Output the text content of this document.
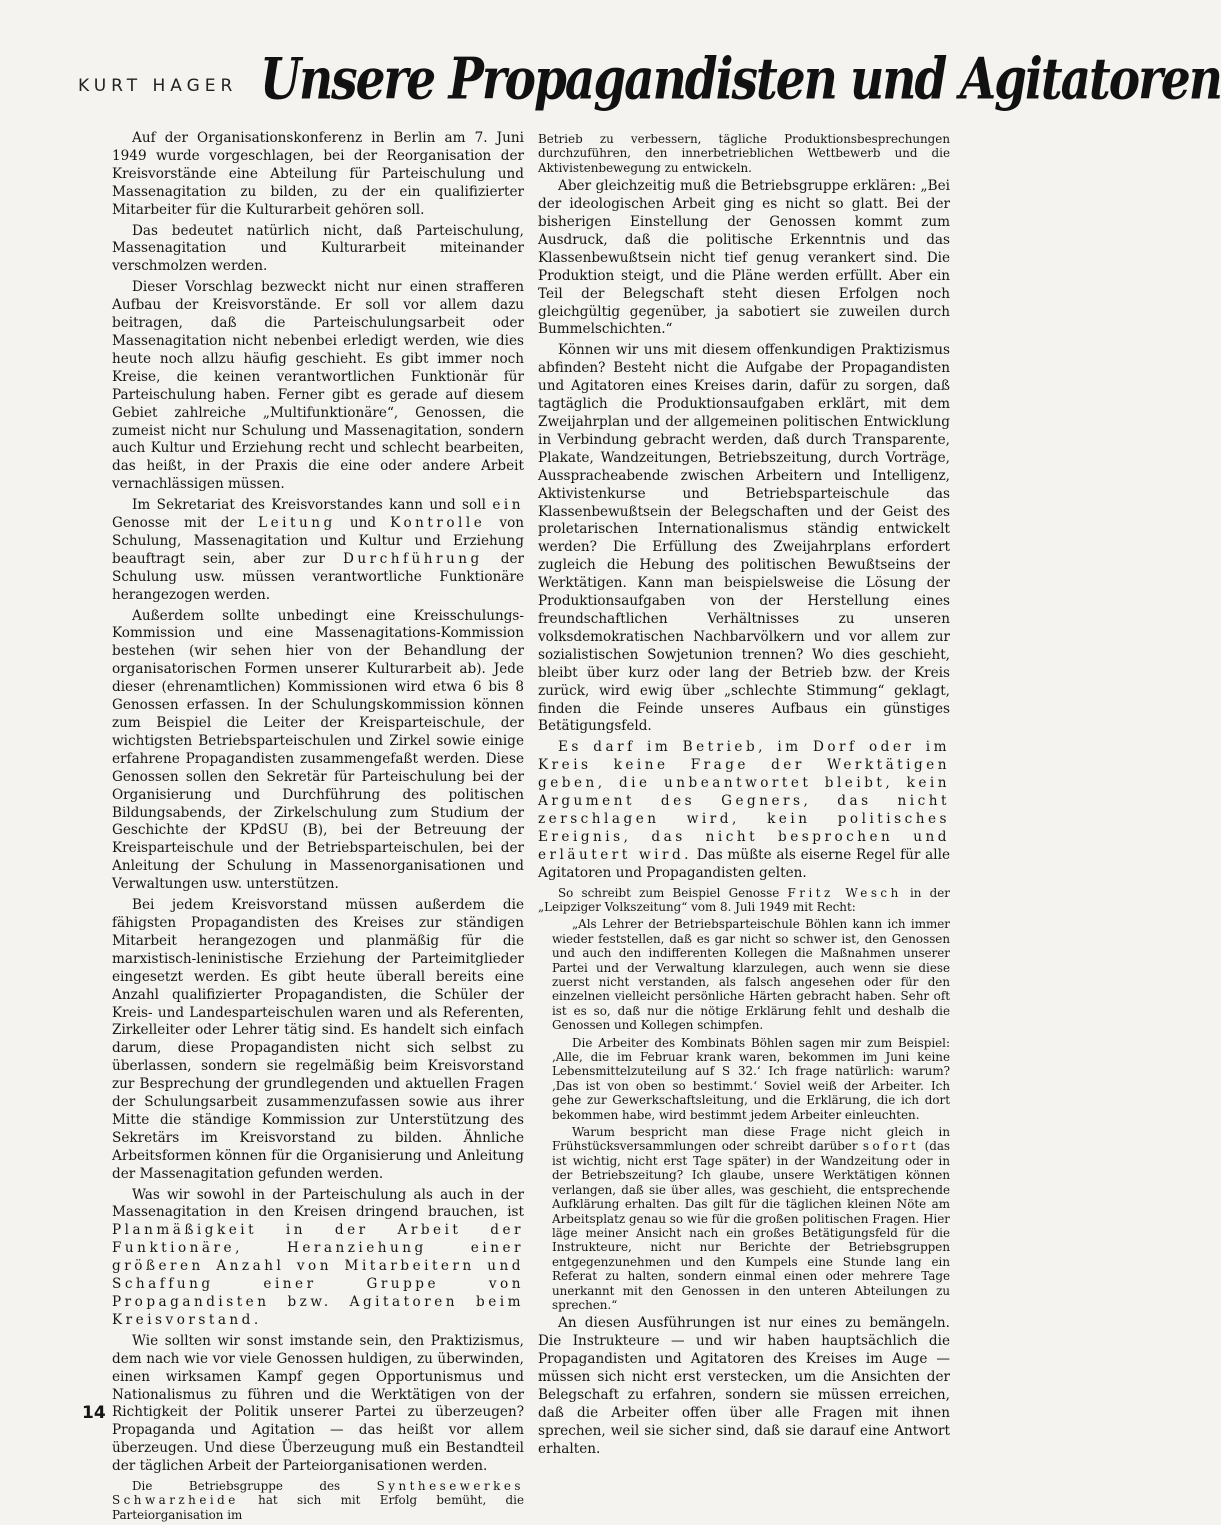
KURT HAGER Unsere Propagandisten und Agitatoren

Auf der Organisationskonferenz in Berlin am 7. Juni 1949 wurde vorgeschlagen, bei der Reorganisation der Kreisvorstände eine Abteilung für Parteischulung und Massenagitation zu bilden, zu der ein qualifizierter Mitarbeiter für die Kulturarbeit gehören soll.

Das bedeutet natürlich nicht, daß Parteischulung, Massenagitation und Kulturarbeit miteinander verschmolzen werden.

Dieser Vorschlag bezweckt nicht nur einen strafferen Aufbau der Kreisvorstände. Er soll vor allem dazu beitragen, daß die Parteischulungsarbeit oder Massenagitation nicht nebenbei erledigt werden, wie dies heute noch allzu häufig geschieht. Es gibt immer noch Kreise, die keinen verantwortlichen Funktionär für Parteischulung haben. Ferner gibt es gerade auf diesem Gebiet zahlreiche „Multifunktionäre“, Genossen, die zumeist nicht nur Schulung und Massenagitation, sondern auch Kultur und Erziehung recht und schlecht bearbeiten, das heißt, in der Praxis die eine oder andere Arbeit vernachlässigen müssen.

Im Sekretariat des Kreisvorstandes kann und soll ein Genosse mit der Leitung und Kontrolle von Schulung, Massenagitation und Kultur und Erziehung beauftragt sein, aber zur Durchführung der Schulung usw. müssen verantwortliche Funktionäre herangezogen werden.

Außerdem sollte unbedingt eine Kreisschulungs-Kommission und eine Massenagitations-Kommission bestehen (wir sehen hier von der Behandlung der organisatorischen Formen unserer Kulturarbeit ab). Jede dieser (ehrenamtlichen) Kommissionen wird etwa 6 bis 8 Genossen erfassen. In der Schulungskommission können zum Beispiel die Leiter der Kreisparteischule, der wichtigsten Betriebsparteischulen und Zirkel sowie einige erfahrene Propagandisten zusammengefaßt werden. Diese Genossen sollen den Sekretär für Parteischulung bei der Organisierung und Durchführung des politischen Bildungsabends, der Zirkelschulung zum Studium der Geschichte der KPdSU (B), bei der Betreuung der Kreisparteischule und der Betriebsparteischulen, bei der Anleitung der Schulung in Massenorganisationen und Verwaltungen usw. unterstützen.

Bei jedem Kreisvorstand müssen außerdem die fähigsten Propagandisten des Kreises zur ständigen Mitarbeit herangezogen und planmäßig für die marxistisch-leninistische Erziehung der Parteimitglieder eingesetzt werden. Es gibt heute überall bereits eine Anzahl qualifizierter Propagandisten, die Schüler der Kreis- und Landesparteischulen waren und als Referenten, Zirkelleiter oder Lehrer tätig sind. Es handelt sich einfach darum, diese Propagandisten nicht sich selbst zu überlassen, sondern sie regelmäßig beim Kreisvorstand zur Besprechung der grundlegenden und aktuellen Fragen der Schulungsarbeit zusammenzufassen sowie aus ihrer Mitte die ständige Kommission zur Unterstützung des Sekretärs im Kreisvorstand zu bilden. Ähnliche Arbeitsformen können für die Organisierung und Anleitung der Massenagitation gefunden werden.

Was wir sowohl in der Parteischulung als auch in der Massenagitation in den Kreisen dringend brauchen, ist Planmäßigkeit in der Arbeit der Funktionäre, Heranziehung einer größeren Anzahl von Mitarbeitern und Schaffung einer Gruppe von Propagandisten bzw. Agitatoren beim Kreisvorstand.

Wie sollten wir sonst imstande sein, den Praktizismus, dem nach wie vor viele Genossen huldigen, zu überwinden, einen wirksamen Kampf gegen Opportunismus und Nationalismus zu führen und die Werktätigen von der Richtigkeit der Politik unserer Partei zu überzeugen? Propaganda und Agitation — das heißt vor allem überzeugen. Und diese Überzeugung muß ein Bestandteil der täglichen Arbeit der Parteiorganisationen werden.

Die Betriebsgruppe des	Synthesewerkes Schwarzheide hat sich mit Erfolg bemüht, die Parteiorganisation im

Betrieb zu verbessern, tägliche Produktionsbesprechungen durchzuführen, den innerbetrieblichen Wettbewerb und die Aktivistenbewegung zu entwickeln.

Aber gleichzeitig muß die Betriebsgruppe erklären: „Bei der ideologischen Arbeit ging es nicht so glatt. Bei der bisherigen Einstellung der Genossen kommt zum Ausdruck, daß die politische Erkenntnis und das Klassenbewußtsein nicht tief genug verankert sind. Die Produktion steigt, und die Pläne werden erfüllt. Aber ein Teil der Belegschaft steht diesen Erfolgen noch gleichgültig gegenüber, ja sabotiert sie zuweilen durch Bummelschichten.“

Können wir uns mit diesem offenkundigen Praktizismus abfinden? Besteht nicht die Aufgabe der Propagandisten und Agitatoren eines Kreises darin, dafür zu sorgen, daß tagtäglich die Produktionsaufgaben erklärt, mit dem Zweijahrplan und der allgemeinen politischen Entwicklung in Verbindung gebracht werden, daß durch Transparente, Plakate, Wandzeitungen, Betriebszeitung, durch Vorträge, Ausspracheabende zwischen Arbeitern und Intelligenz, Aktivistenkurse und Betriebsparteischule das Klassenbewußtsein der Belegschaften und der Geist des proletarischen Internationalismus ständig entwickelt werden? Die Erfüllung des Zweijahrplans erfordert zugleich die Hebung des politischen Bewußtseins der Werktätigen. Kann man beispielsweise die Lösung der Produktionsaufgaben von der Herstellung eines freundschaftlichen Verhältnisses zu unseren volksdemokratischen Nachbarvölkern und vor allem zur sozialistischen Sowjetunion trennen? Wo dies geschieht, bleibt über kurz oder lang der Betrieb bzw. der Kreis zurück, wird ewig über „schlechte Stimmung“ geklagt, finden die Feinde unseres Aufbaus ein günstiges Betätigungsfeld.

Es darf im Betrieb, im Dorf oder im Kreis keine Frage der Werktätigen geben, die unbeantwortet bleibt, kein Argument des Gegners, das nicht zerschlagen wird, kein politisches Ereignis, das nicht besprochen und erläutert wird. Das müßte als eiserne Regel für alle Agitatoren und Propagandisten gelten.

So schreibt zum Beispiel Genosse Fritz Wesch in der „Leipziger Volkszeitung“ vom 8. Juli 1949 mit Recht:

„Als Lehrer der Betriebsparteischule Böhlen kann ich immer wieder feststellen, daß es gar nicht so schwer ist, den Genossen und auch den indifferenten Kollegen die Maßnahmen unserer Partei und der Verwaltung klarzulegen, auch wenn sie diese zuerst nicht verstanden, als falsch angesehen oder für den einzelnen vielleicht persönliche Härten gebracht haben. Sehr oft ist es so, daß nur die nötige Erklärung fehlt und deshalb die Genossen und Kollegen schimpfen.

Die Arbeiter des Kombinats Böhlen sagen mir zum Beispiel: ‚Alle, die im Februar krank waren, bekommen im Juni keine Lebensmittelzuteilung auf S 32.‘ Ich frage natürlich: warum? ‚Das ist von oben so bestimmt.‘ Soviel weiß der Arbeiter. Ich gehe zur Gewerkschaftsleitung, und die Erklärung, die ich dort bekommen habe, wird bestimmt jedem Arbeiter einleuchten.

Warum bespricht man diese Frage nicht gleich in Frühstücksversammlungen oder schreibt darüber sofort (das ist wichtig, nicht erst Tage später) in der Wandzeitung oder in der Betriebszeitung? Ich glaube, unsere Werktätigen können verlangen, daß sie über alles, was geschieht, die entsprechende Aufklärung erhalten. Das gilt für die täglichen kleinen Nöte am Arbeitsplatz genau so wie für die großen politischen Fragen. Hier läge meiner Ansicht nach ein großes Betätigungsfeld für die Instrukteure, nicht nur Berichte der Betriebsgruppen entgegenzunehmen und den Kumpels eine Stunde lang ein Referat zu halten, sondern einmal einen oder mehrere Tage unerkannt mit den Genossen in den unteren Abteilungen zu sprechen.“

An diesen Ausführungen ist nur eines zu bemängeln. Die Instrukteure — und wir haben hauptsächlich die Propagandisten und Agitatoren des Kreises im Auge — müssen sich nicht erst verstecken, um die Ansichten der Belegschaft zu erfahren, sondern sie müssen erreichen, daß die Arbeiter offen über alle Fragen mit ihnen sprechen, weil sie sicher sind, daß sie darauf eine Antwort erhalten.

14
